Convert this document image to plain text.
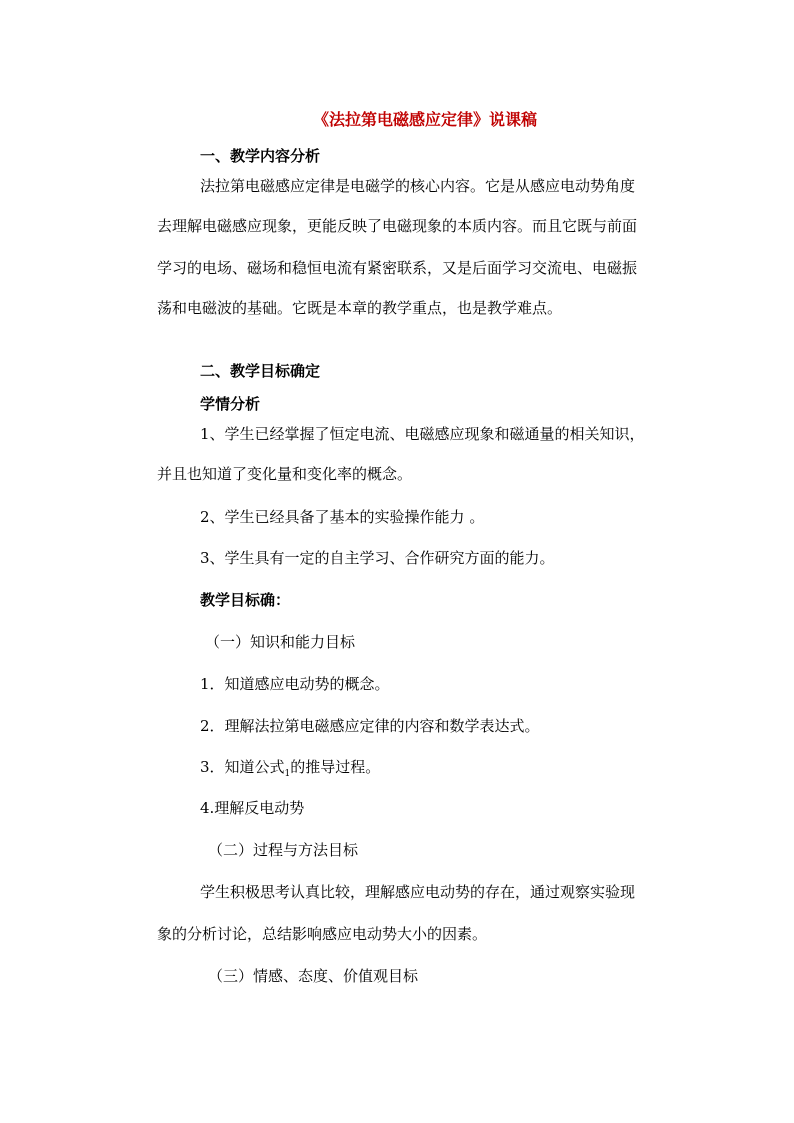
《法拉第电磁感应定律》说课稿
一、教学内容分析
法拉第电磁感应定律是电磁学的核心内容。它是从感应电动势角度
去理解电磁感应现象，更能反映了电磁现象的本质内容。而且它既与前面
学习的电场、磁场和稳恒电流有紧密联系，又是后面学习交流电、电磁振
荡和电磁波的基础。它既是本章的教学重点，也是教学难点。
二、教学目标确定
学情分析
1、学生已经掌握了恒定电流、电磁感应现象和磁通量的相关知识，
并且也知道了变化量和变化率的概念。
2、学生已经具备了基本的实验操作能力 。
3、学生具有一定的自主学习、合作研究方面的能力。
教学目标确：
（一）知识和能力目标
1．知道感应电动势的概念。
2．理解法拉第电磁感应定律的内容和数学表达式。
3．知道公式$_1$的推导过程。
4.理解反电动势
（二）过程与方法目标
学生积极思考认真比较，理解感应电动势的存在，通过观察实验现
象的分析讨论，总结影响感应电动势大小的因素。
（三）情感、态度、价值观目标
